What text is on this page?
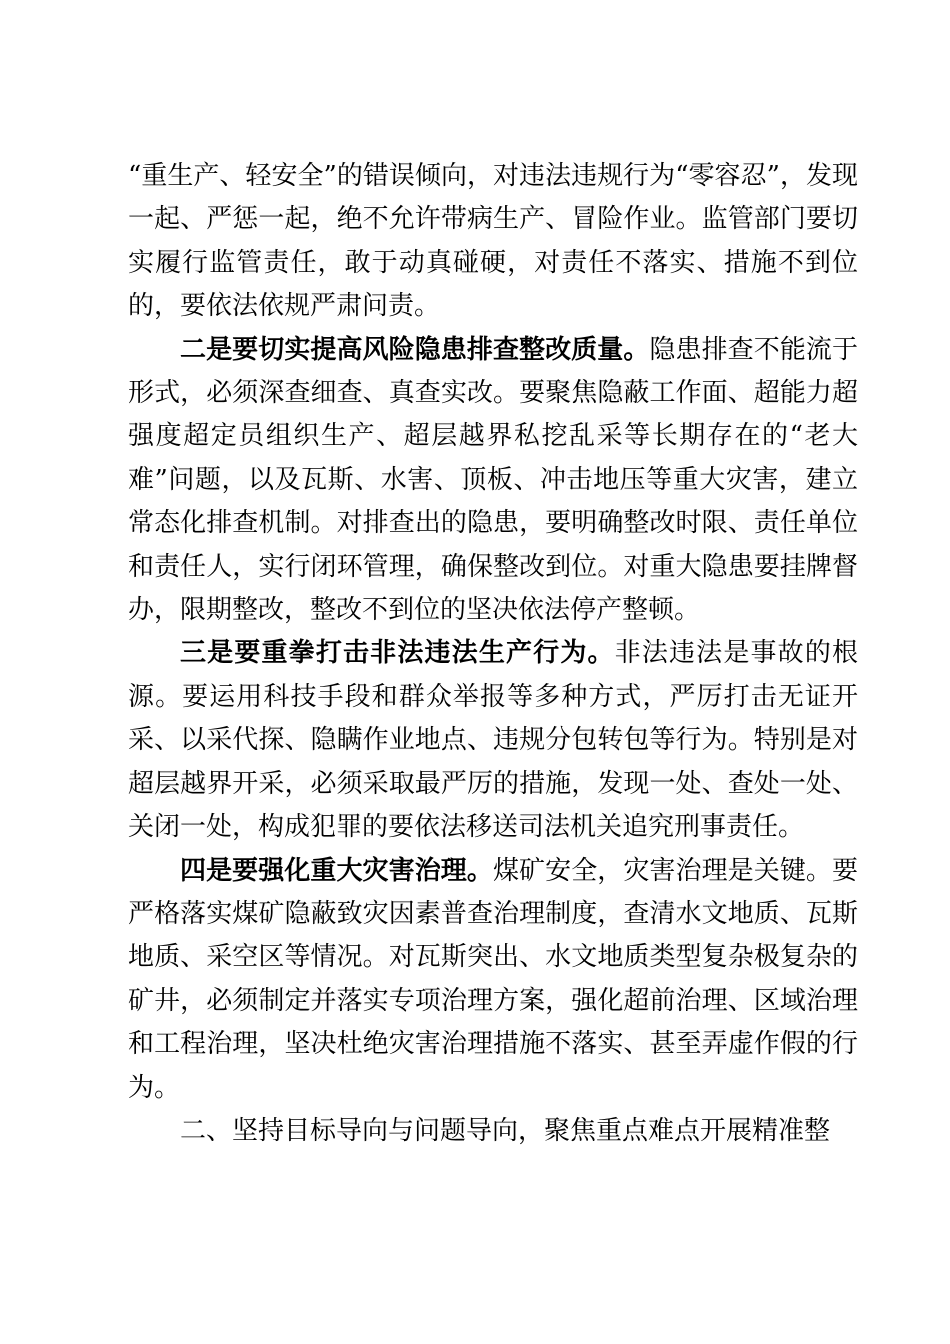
“重生产、轻安全”的错误倾向，对违法违规行为“零容忍”，发现一起、严惩一起，绝不允许带病生产、冒险作业。监管部门要切实履行监管责任，敢于动真碰硬，对责任不落实、措施不到位的，要依法依规严肃问责。

二是要切实提高风险隐患排查整改质量。隐患排查不能流于形式，必须深查细查、真查实改。要聚焦隐蔽工作面、超能力超强度超定员组织生产、超层越界私挖乱采等长期存在的“老大难”问题，以及瓦斯、水害、顶板、冲击地压等重大灾害，建立常态化排查机制。对排查出的隐患，要明确整改时限、责任单位和责任人，实行闭环管理，确保整改到位。对重大隐患要挂牌督办，限期整改，整改不到位的坚决依法停产整顿。

三是要重拳打击非法违法生产行为。非法违法是事故的根源。要运用科技手段和群众举报等多种方式，严厉打击无证开采、以采代探、隐瞒作业地点、违规分包转包等行为。特别是对超层越界开采，必须采取最严厉的措施，发现一处、查处一处、关闭一处，构成犯罪的要依法移送司法机关追究刑事责任。

四是要强化重大灾害治理。煤矿安全，灾害治理是关键。要严格落实煤矿隐蔽致灾因素普查治理制度，查清水文地质、瓦斯地质、采空区等情况。对瓦斯突出、水文地质类型复杂极复杂的矿井，必须制定并落实专项治理方案，强化超前治理、区域治理和工程治理，坚决杜绝灾害治理措施不落实、甚至弄虚作假的行为。

二、坚持目标导向与问题导向，聚焦重点难点开展精准整
